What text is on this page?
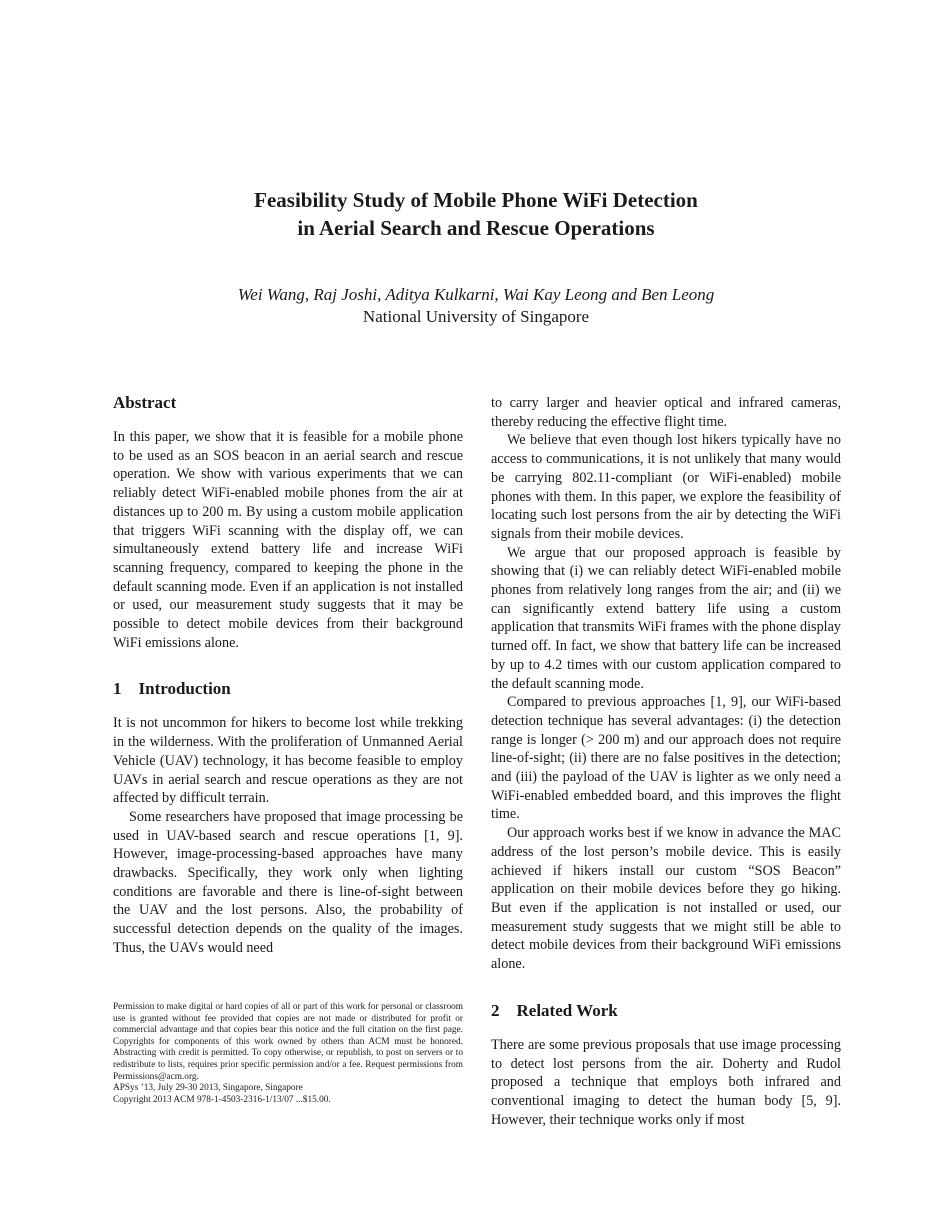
Feasibility Study of Mobile Phone WiFi Detection
in Aerial Search and Rescue Operations
Wei Wang, Raj Joshi, Aditya Kulkarni, Wai Kay Leong and Ben Leong
National University of Singapore
Abstract

In this paper, we show that it is feasible for a mobile phone to be used as an SOS beacon in an aerial search and rescue operation. We show with various experiments that we can reliably detect WiFi-enabled mobile phones from the air at distances up to 200 m. By using a custom mobile application that triggers WiFi scanning with the display off, we can simultaneously extend battery life and increase WiFi scanning frequency, compared to keeping the phone in the default scanning mode. Even if an application is not installed or used, our measurement study suggests that it may be possible to detect mobile devices from their background WiFi emissions alone.

1    Introduction

It is not uncommon for hikers to become lost while trekking in the wilderness. With the proliferation of Unmanned Aerial Vehicle (UAV) technology, it has become feasible to employ UAVs in aerial search and rescue operations as they are not affected by difficult terrain.

Some researchers have proposed that image processing be used in UAV-based search and rescue operations [1, 9]. However, image-processing-based approaches have many drawbacks. Specifically, they work only when lighting conditions are favorable and there is line-of-sight between the UAV and the lost persons. Also, the probability of successful detection depends on the quality of the images. Thus, the UAVs would need

to carry larger and heavier optical and infrared cameras, thereby reducing the effective flight time.

We believe that even though lost hikers typically have no access to communications, it is not unlikely that many would be carrying 802.11-compliant (or WiFi-enabled) mobile phones with them. In this paper, we explore the feasibility of locating such lost persons from the air by detecting the WiFi signals from their mobile devices.

We argue that our proposed approach is feasible by showing that (i) we can reliably detect WiFi-enabled mobile phones from relatively long ranges from the air; and (ii) we can significantly extend battery life using a custom application that transmits WiFi frames with the phone display turned off. In fact, we show that battery life can be increased by up to 4.2 times with our custom application compared to the default scanning mode.

Compared to previous approaches [1, 9], our WiFi-based detection technique has several advantages: (i) the detection range is longer (> 200 m) and our approach does not require line-of-sight; (ii) there are no false positives in the detection; and (iii) the payload of the UAV is lighter as we only need a WiFi-enabled embedded board, and this improves the flight time.

Our approach works best if we know in advance the MAC address of the lost person’s mobile device. This is easily achieved if hikers install our custom “SOS Beacon” application on their mobile devices before they go hiking. But even if the application is not installed or used, our measurement study suggests that we might still be able to detect mobile devices from their background WiFi emissions alone.

2    Related Work

There are some previous proposals that use image processing to detect lost persons from the air. Doherty and Rudol proposed a technique that employs both infrared and conventional imaging to detect the human body [5, 9]. However, their technique works only if most

Permission to make digital or hard copies of all or part of this work for personal or classroom use is granted without fee provided that copies are not made or distributed for profit or commercial advantage and that copies bear this notice and the full citation on the first page. Copyrights for components of this work owned by others than ACM must be honored. Abstracting with credit is permitted. To copy otherwise, or republish, to post on servers or to redistribute to lists, requires prior specific permission and/or a fee. Request permissions from Permissions@acm.org.
APSys ’13, July 29-30 2013, Singapore, Singapore
Copyright 2013 ACM 978-1-4503-2316-1/13/07 ...$15.00.
